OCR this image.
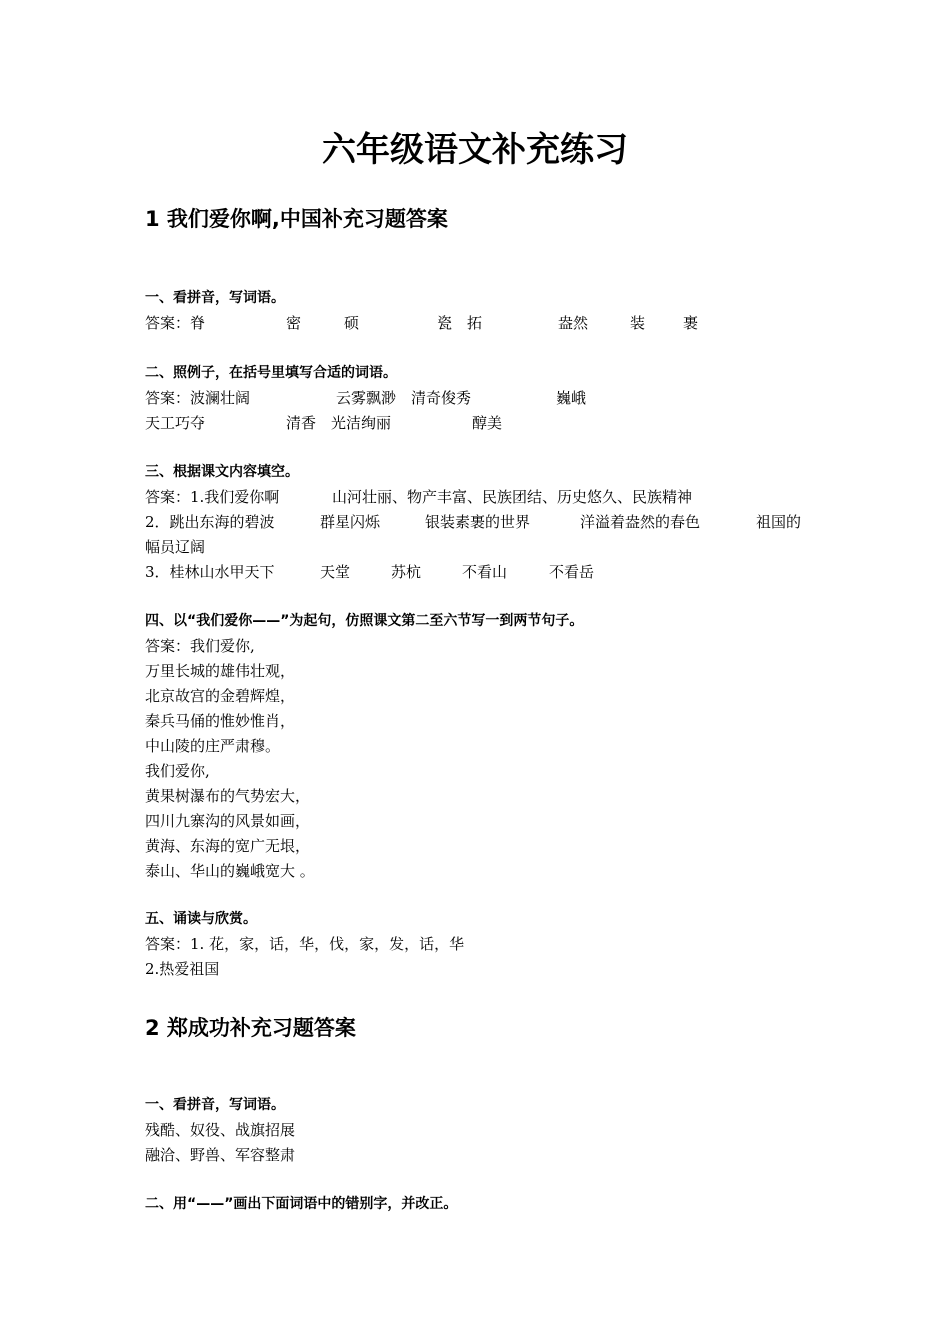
六年级语文补充练习
1 我们爱你啊,中国补充习题答案
一、看拼音，写词语。
答案：脊	密	硕	瓷　拓	盎然	装	裹
二、照例子，在括号里填写合适的词语。
答案：波澜壮阔	云雾飘渺　清奇俊秀	巍峨
天工巧夺	清香　光洁绚丽	醇美
三、根据课文内容填空。
答案：1.我们爱你啊	山河壮丽、物产丰富、民族团结、历史悠久、民族精神
2．跳出东海的碧波	群星闪烁	银装素裹的世界	洋溢着盎然的春色	祖国的
幅员辽阔
3．桂林山水甲天下	天堂	苏杭	不看山	不看岳
四、以“我们爱你——”为起句，仿照课文第二至六节写一到两节句子。
答案：我们爱你,
万里长城的雄伟壮观，
北京故宫的金碧辉煌，
秦兵马俑的惟妙惟肖，
中山陵的庄严肃穆。
我们爱你,
黄果树瀑布的气势宏大，
四川九寨沟的风景如画，
黄海、东海的宽广无垠，
泰山、华山的巍峨宽大 。
五、诵读与欣赏。
答案：1. 花，家，话，华，伐，家，发，话，华
2.热爱祖国
2 郑成功补充习题答案
一、看拼音，写词语。
残酷、奴役、战旗招展
融洽、野兽、军容整肃
二、用“——”画出下面词语中的错别字，并改正。
